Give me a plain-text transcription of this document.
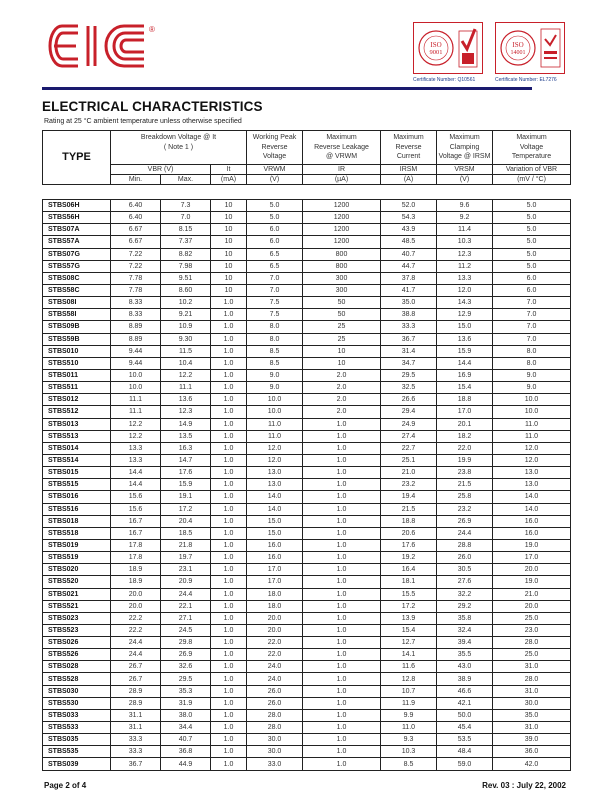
®
ISO
9001
ISO
14001
Certificate Number: Q10561	Certificate Number: EL7276
ELECTRICAL CHARACTERISTICS
Rating at 25 °C ambient temperature unless otherwise specified
TYPE	
Breakdown Voltage @ It
( Note 1 )

Working Peak
Reverse
Voltage

Maximum
Reverse Leakage
@ VRWM

Maximum
Reverse
Current

Maximum
Clamping
Voltage @ IRSM

Maximum
Voltage
Temperature

	VBR (V)		It	VRWM	IR	IRSM	VRSM	Variation of VBR
	Min.	Max.	(mA)	(V)	(µA)	(A)	(V)	(mV / °C)
STBS06H	6.40	7.3	10	5.0	1200	52.0	9.6	5.0
STBS56H	6.40	7.0	10	5.0	1200	54.3	9.2	5.0
STBS07A	6.67	8.15	10	6.0	1200	43.9	11.4	5.0
STBS57A	6.67	7.37	10	6.0	1200	48.5	10.3	5.0
STBS07G	7.22	8.82	10	6.5	800	40.7	12.3	5.0
STBS57G	7.22	7.98	10	6.5	800	44.7	11.2	5.0
STBS08C	7.78	9.51	10	7.0	300	37.8	13.3	6.0
STBS58C	7.78	8.60	10	7.0	300	41.7	12.0	6.0
STBS08I	8.33	10.2	1.0	7.5	50	35.0	14.3	7.0
STBS58I	8.33	9.21	1.0	7.5	50	38.8	12.9	7.0
STBS09B	8.89	10.9	1.0	8.0	25	33.3	15.0	7.0
STBS59B	8.89	9.30	1.0	8.0	25	36.7	13.6	7.0
STBS010	9.44	11.5	1.0	8.5	10	31.4	15.9	8.0
STBS510	9.44	10.4	1.0	8.5	10	34.7	14.4	8.0
STBS011	10.0	12.2	1.0	9.0	2.0	29.5	16.9	9.0
STBS511	10.0	11.1	1.0	9.0	2.0	32.5	15.4	9.0
STBS012	11.1	13.6	1.0	10.0	2.0	26.6	18.8	10.0
STBS512	11.1	12.3	1.0	10.0	2.0	29.4	17.0	10.0
STBS013	12.2	14.9	1.0	11.0	1.0	24.9	20.1	11.0
STBS513	12.2	13.5	1.0	11.0	1.0	27.4	18.2	11.0
STBS014	13.3	16.3	1.0	12.0	1.0	22.7	22.0	12.0
STBS514	13.3	14.7	1.0	12.0	1.0	25.1	19.9	12.0
STBS015	14.4	17.6	1.0	13.0	1.0	21.0	23.8	13.0
STBS515	14.4	15.9	1.0	13.0	1.0	23.2	21.5	13.0
STBS016	15.6	19.1	1.0	14.0	1.0	19.4	25.8	14.0
STBS516	15.6	17.2	1.0	14.0	1.0	21.5	23.2	14.0
STBS018	16.7	20.4	1.0	15.0	1.0	18.8	26.9	16.0
STBS518	16.7	18.5	1.0	15.0	1.0	20.6	24.4	16.0
STBS019	17.8	21.8	1.0	16.0	1.0	17.6	28.8	19.0
STBS519	17.8	19.7	1.0	16.0	1.0	19.2	26.0	17.0
STBS020	18.9	23.1	1.0	17.0	1.0	16.4	30.5	20.0
STBS520	18.9	20.9	1.0	17.0	1.0	18.1	27.6	19.0
STBS021	20.0	24.4	1.0	18.0	1.0	15.5	32.2	21.0
STBS521	20.0	22.1	1.0	18.0	1.0	17.2	29.2	20.0
STBS023	22.2	27.1	1.0	20.0	1.0	13.9	35.8	25.0
STBS523	22.2	24.5	1.0	20.0	1.0	15.4	32.4	23.0
STBS026	24.4	29.8	1.0	22.0	1.0	12.7	39.4	28.0
STBS526	24.4	26.9	1.0	22.0	1.0	14.1	35.5	25.0
STBS028	26.7	32.6	1.0	24.0	1.0	11.6	43.0	31.0
STBS528	26.7	29.5	1.0	24.0	1.0	12.8	38.9	28.0
STBS030	28.9	35.3	1.0	26.0	1.0	10.7	46.6	31.0
STBS530	28.9	31.9	1.0	26.0	1.0	11.9	42.1	30.0
STBS033	31.1	38.0	1.0	28.0	1.0	9.9	50.0	35.0
STBS533	31.1	34.4	1.0	28.0	1.0	11.0	45.4	31.0
STBS035	33.3	40.7	1.0	30.0	1.0	9.3	53.5	39.0
STBS535	33.3	36.8	1.0	30.0	1.0	10.3	48.4	36.0
STBS039	36.7	44.9	1.0	33.0	1.0	8.5	59.0	42.0
Page 2 of 4	Rev. 03 : July 22, 2002
